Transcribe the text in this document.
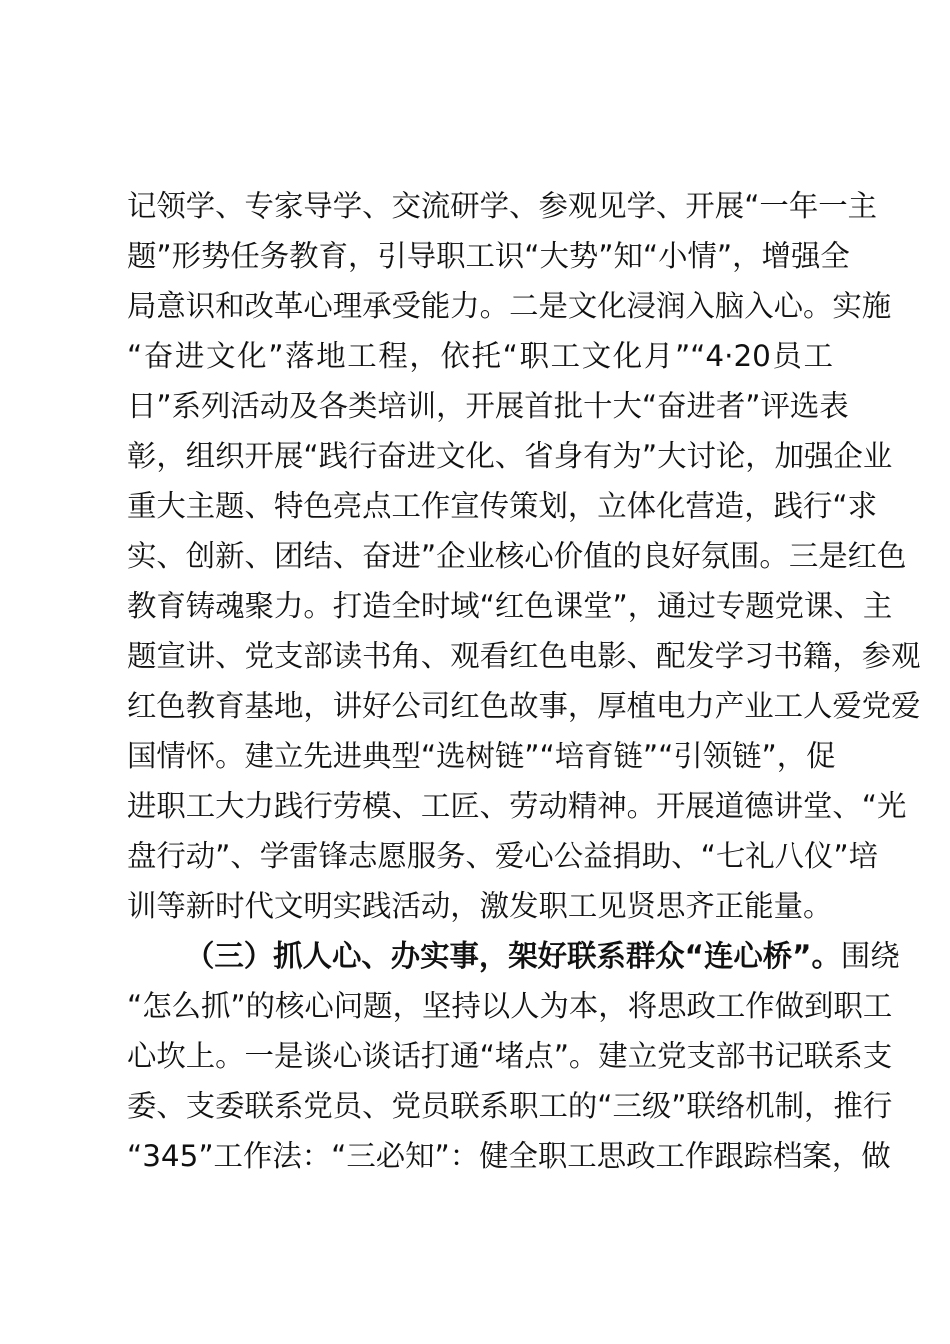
记领学、专家导学、交流研学、参观见学、开展“一年一主
题”形势任务教育，引导职工识“大势”知“小情”，增强全
局意识和改革心理承受能力。二是文化浸润入脑入心。实施
“奋进文化”落地工程，依托“职工文化月”“4·20员工
日”系列活动及各类培训，开展首批十大“奋进者”评选表
彰，组织开展“践行奋进文化、省身有为”大讨论，加强企业
重大主题、特色亮点工作宣传策划，立体化营造，践行“求
实、创新、团结、奋进”企业核心价值的良好氛围。三是红色
教育铸魂聚力。打造全时域“红色课堂”，通过专题党课、主
题宣讲、党支部读书角、观看红色电影、配发学习书籍，参观
红色教育基地，讲好公司红色故事，厚植电力产业工人爱党爱
国情怀。建立先进典型“选树链”“培育链”“引领链”，促
进职工大力践行劳模、工匠、劳动精神。开展道德讲堂、“光
盘行动”、学雷锋志愿服务、爱心公益捐助、“七礼八仪”培
训等新时代文明实践活动，激发职工见贤思齐正能量。
（三）抓人心、办实事，架好联系群众“连心桥”。围绕
“怎么抓”的核心问题，坚持以人为本，将思政工作做到职工
心坎上。一是谈心谈话打通“堵点”。建立党支部书记联系支
委、支委联系党员、党员联系职工的“三级”联络机制，推行
“345”工作法：“三必知”：健全职工思政工作跟踪档案，做
